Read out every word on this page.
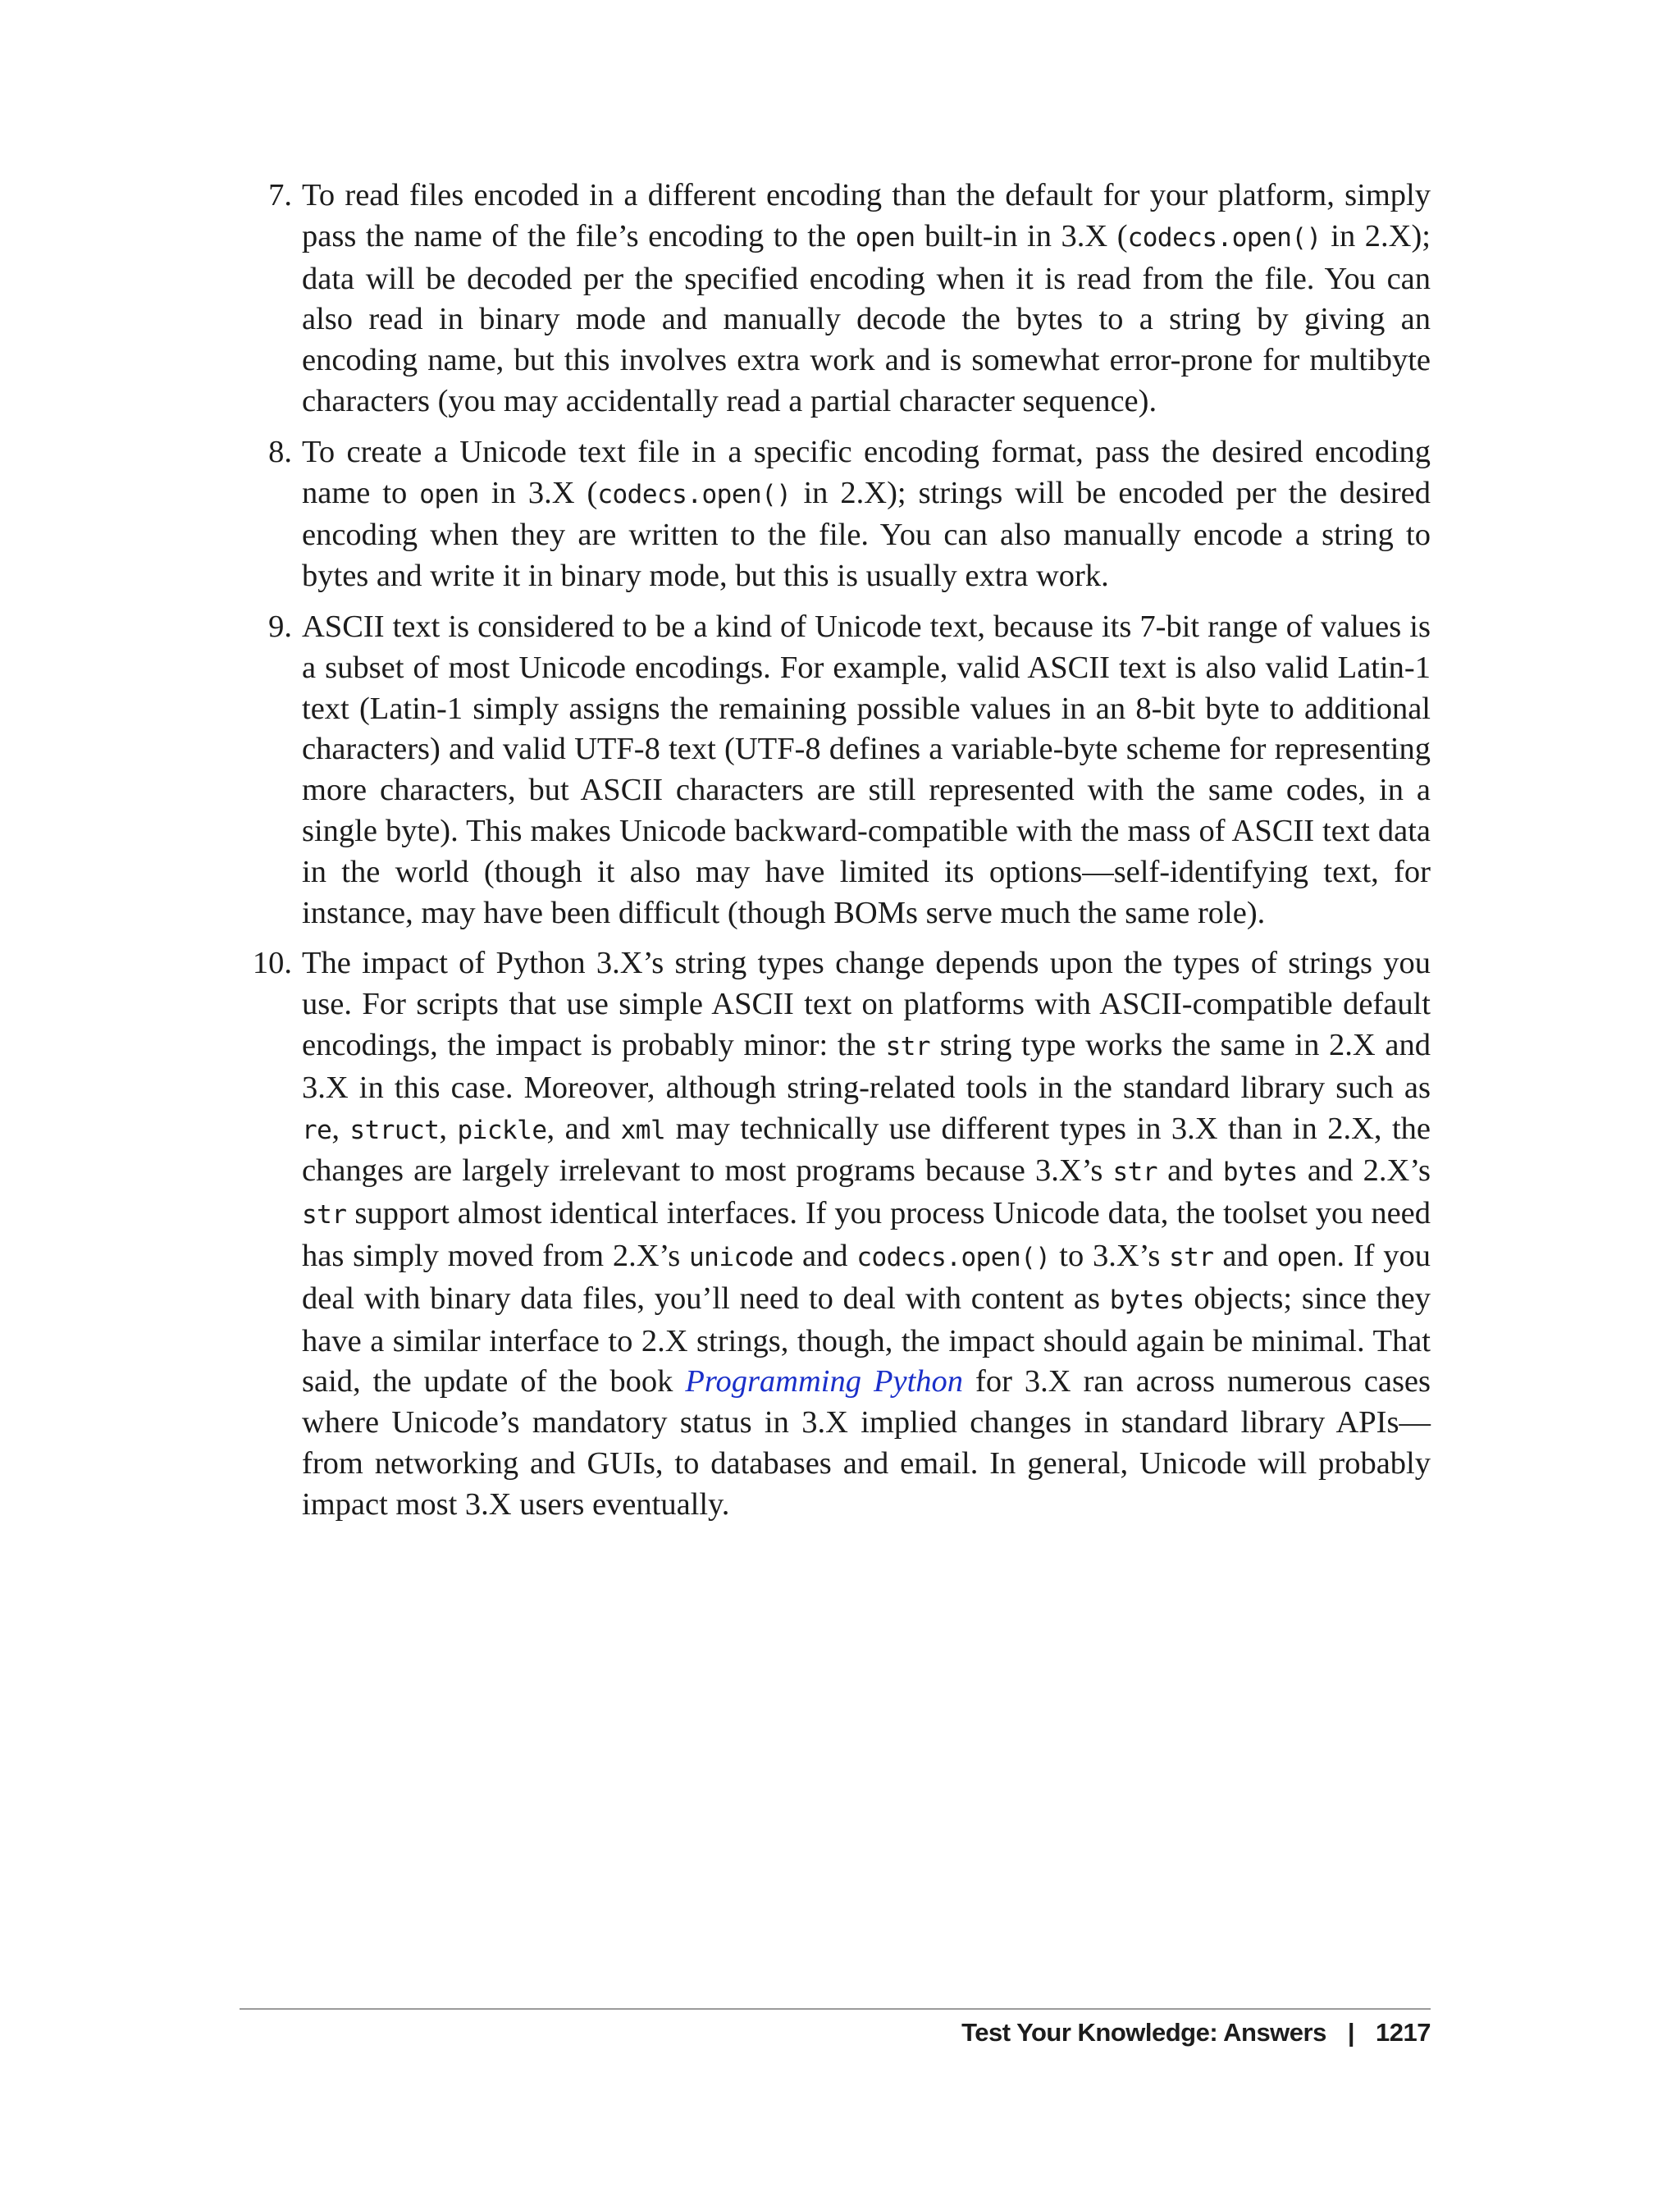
7. To read files encoded in a different encoding than the default for your platform, simply pass the name of the file’s encoding to the open built-in in 3.X (codecs.open() in 2.X); data will be decoded per the specified encoding when it is read from the file. You can also read in binary mode and manually decode the bytes to a string by giving an encoding name, but this involves extra work and is somewhat error-prone for multibyte characters (you may accidentally read a partial character sequence).
8. To create a Unicode text file in a specific encoding format, pass the desired encoding name to open in 3.X (codecs.open() in 2.X); strings will be encoded per the desired encoding when they are written to the file. You can also manually encode a string to bytes and write it in binary mode, but this is usually extra work.
9. ASCII text is considered to be a kind of Unicode text, because its 7-bit range of values is a subset of most Unicode encodings. For example, valid ASCII text is also valid Latin-1 text (Latin-1 simply assigns the remaining possible values in an 8-bit byte to additional characters) and valid UTF-8 text (UTF-8 defines a variable-byte scheme for representing more characters, but ASCII characters are still represented with the same codes, in a single byte). This makes Unicode backward-compatible with the mass of ASCII text data in the world (though it also may have limited its options—self-identifying text, for instance, may have been difficult (though BOMs serve much the same role).
10. The impact of Python 3.X’s string types change depends upon the types of strings you use. For scripts that use simple ASCII text on platforms with ASCII-compatible default encodings, the impact is probably minor: the str string type works the same in 2.X and 3.X in this case. Moreover, although string-related tools in the standard library such as re, struct, pickle, and xml may technically use different types in 3.X than in 2.X, the changes are largely irrelevant to most programs because 3.X’s str and bytes and 2.X’s str support almost identical interfaces. If you process Unicode data, the toolset you need has simply moved from 2.X’s unicode and codecs.open() to 3.X’s str and open. If you deal with binary data files, you’ll need to deal with content as bytes objects; since they have a similar interface to 2.X strings, though, the impact should again be minimal. That said, the update of the book Programming Python for 3.X ran across numerous cases where Unicode’s mandatory status in 3.X implied changes in standard library APIs—from networking and GUIs, to databases and email. In general, Unicode will probably impact most 3.X users eventually.
Test Your Knowledge: Answers | 1217
